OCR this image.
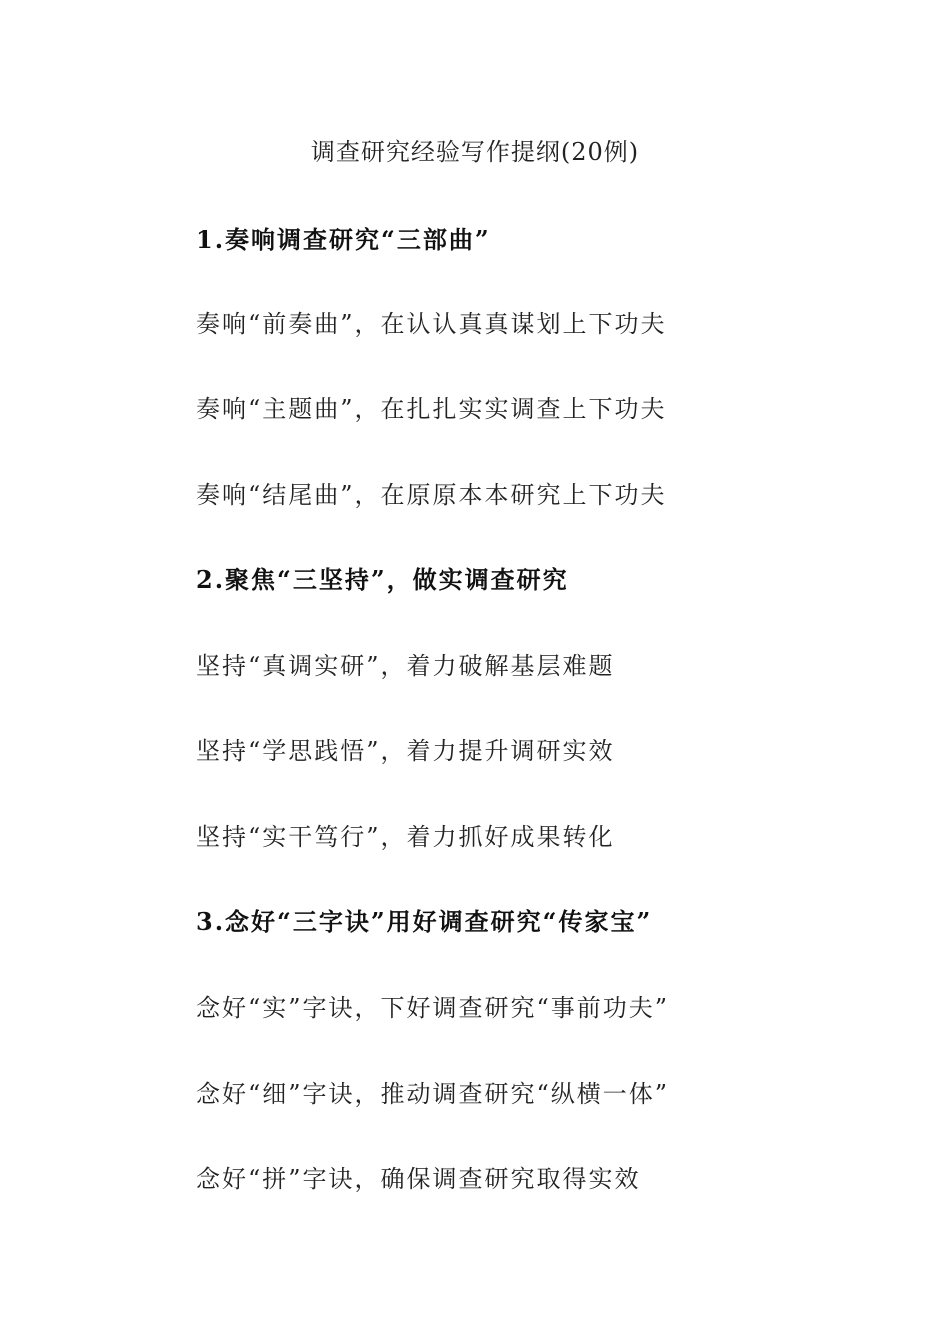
调查研究经验写作提纲(20例)
1.奏响调查研究“三部曲”
奏响“前奏曲”，在认认真真谋划上下功夫
奏响“主题曲”，在扎扎实实调查上下功夫
奏响“结尾曲”，在原原本本研究上下功夫
2.聚焦“三坚持”，做实调查研究
坚持“真调实研”，着力破解基层难题
坚持“学思践悟”，着力提升调研实效
坚持“实干笃行”，着力抓好成果转化
3.念好“三字诀”用好调查研究“传家宝”
念好“实”字诀，下好调查研究“事前功夫”
念好“细”字诀，推动调查研究“纵横一体”
念好“拼”字诀，确保调查研究取得实效
